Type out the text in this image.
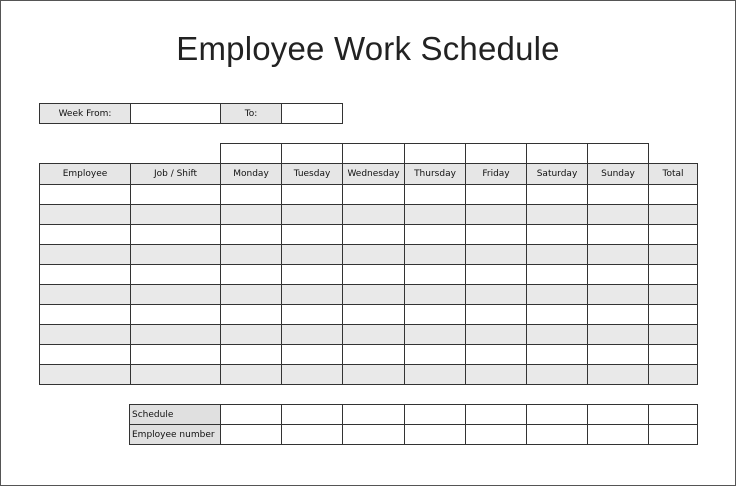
Employee Work Schedule
Week From:		To:	

Employee	Job / Shift	Monday	Tuesday	Wednesday	Thursday	Friday	Saturday	Sunday	Total

Schedule								
Employee number								
